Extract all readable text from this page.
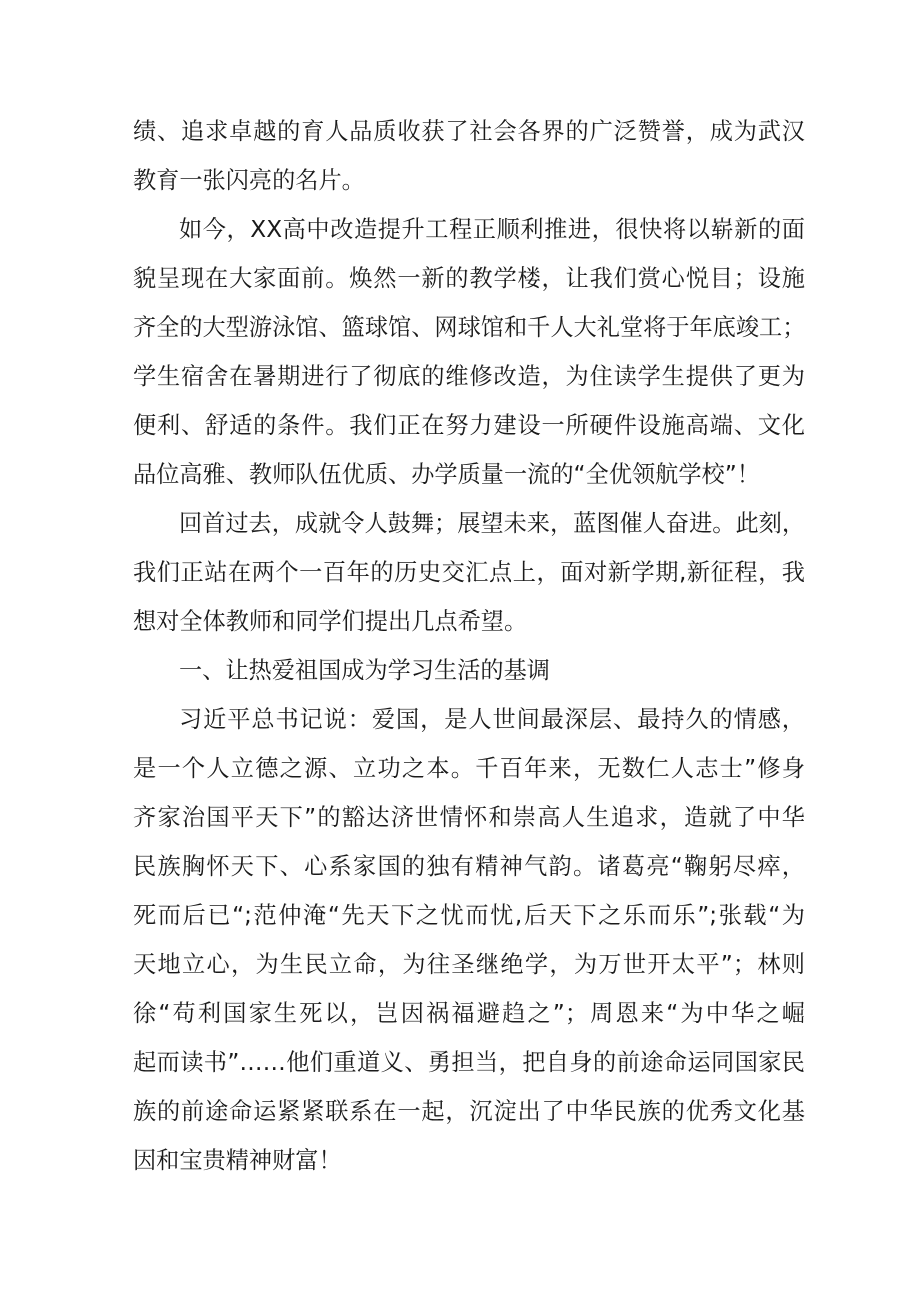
绩、追求卓越的育人品质收获了社会各界的广泛赞誉，成为武汉
教育一张闪亮的名片。
如今，XX高中改造提升工程正顺利推进，很快将以崭新的面
貌呈现在大家面前。焕然一新的教学楼，让我们赏心悦目；设施
齐全的大型游泳馆、篮球馆、网球馆和千人大礼堂将于年底竣工；
学生宿舍在暑期进行了彻底的维修改造，为住读学生提供了更为
便利、舒适的条件。我们正在努力建设一所硬件设施高端、文化
品位高雅、教师队伍优质、办学质量一流的“全优领航学校”！
回首过去，成就令人鼓舞；展望未来，蓝图催人奋进。此刻，
我们正站在两个一百年的历史交汇点上，面对新学期,新征程，我
想对全体教师和同学们提出几点希望。
一、让热爱祖国成为学习生活的基调
习近平总书记说：爱国，是人世间最深层、最持久的情感，
是一个人立德之源、立功之本。千百年来，无数仁人志士”修身
齐家治国平天下”的豁达济世情怀和崇高人生追求，造就了中华
民族胸怀天下、心系家国的独有精神气韵。诸葛亮“鞠躬尽瘁，
死而后已“;范仲淹“先天下之忧而忧,后天下之乐而乐”;张载“为
天地立心，为生民立命，为往圣继绝学，为万世开太平”；林则
徐“苟利国家生死以，岂因祸福避趋之”；周恩来“为中华之崛
起而读书”……他们重道义、勇担当，把自身的前途命运同国家民
族的前途命运紧紧联系在一起，沉淀出了中华民族的优秀文化基
因和宝贵精神财富！
